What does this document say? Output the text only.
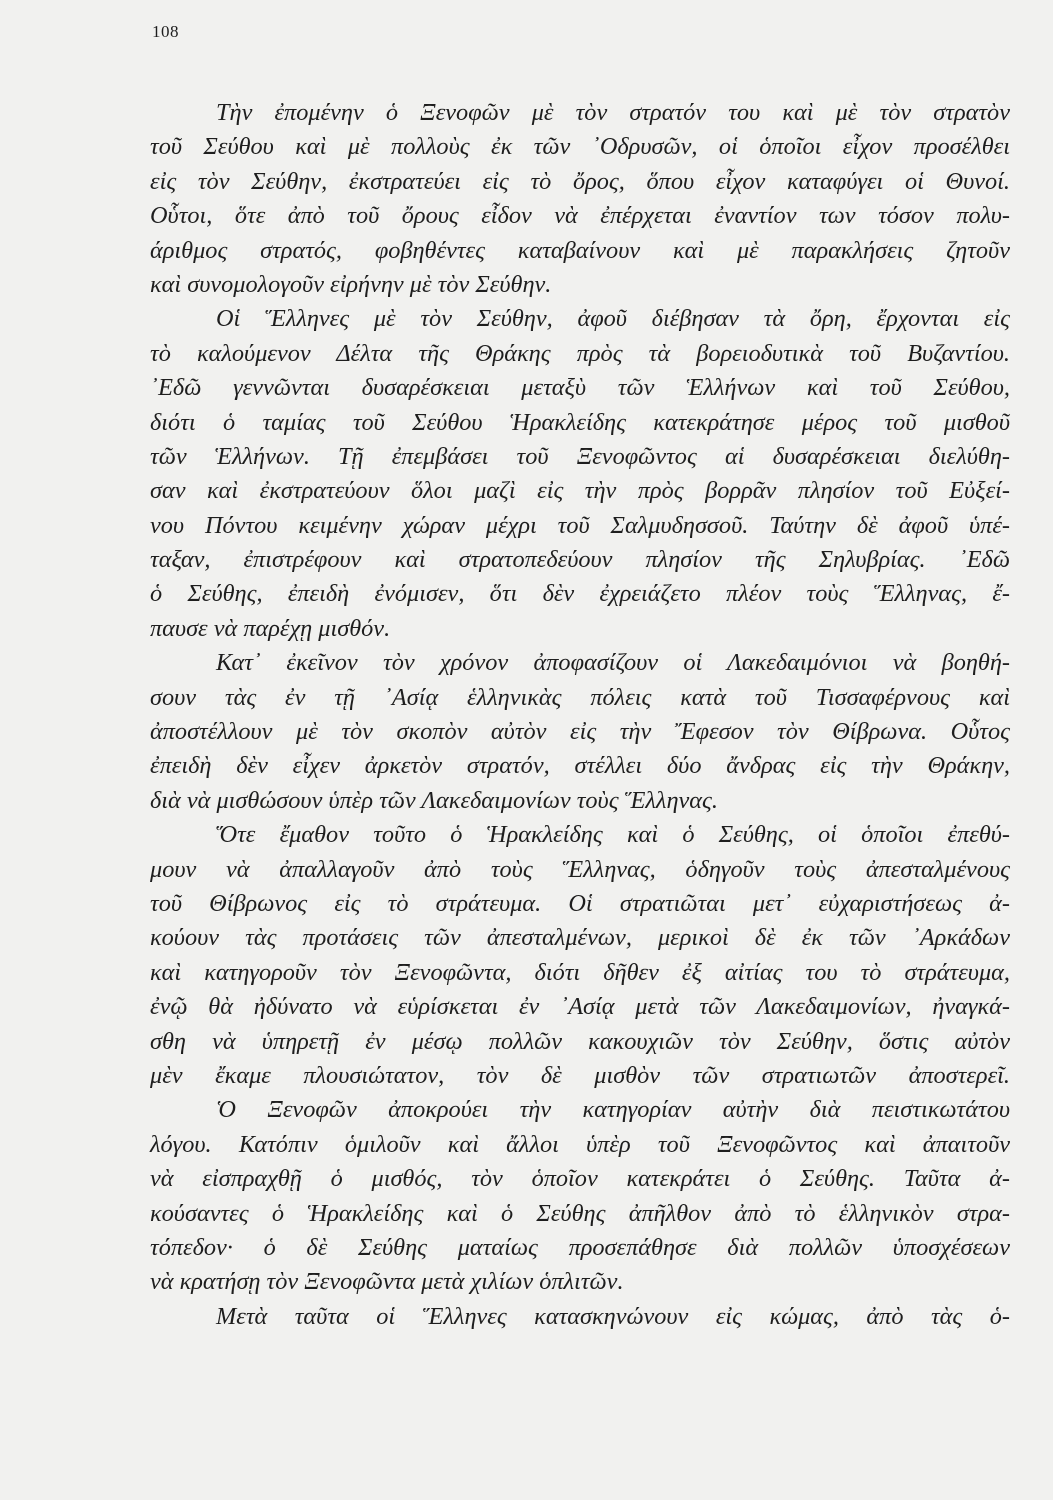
108
Τὴν ἐπομένην ὁ Ξενοφῶν μὲ τὸν στρατόν του καὶ μὲ τὸν στρατὸν
τοῦ Σεύθου καὶ μὲ πολλοὺς ἐκ τῶν ᾿Οδρυσῶν, οἱ ὁποῖοι εἶχον προσέλθει
εἰς τὸν Σεύθην, ἐκστρατεύει εἰς τὸ ὄρος, ὅπου εἶχον καταφύγει οἱ Θυνοί.
Οὗτοι, ὅτε ἀπὸ τοῦ ὄρους εἶδον νὰ ἐπέρχεται ἐναντίον των τόσον πολυ-
άριθμος στρατός, φοβηθέντες καταβαίνουν καὶ μὲ παρακλήσεις ζητοῦν
καὶ συνομολογοῦν εἰρήνην μὲ τὸν Σεύθην.
Οἱ Ἕλληνες μὲ τὸν Σεύθην, ἀφοῦ διέβησαν τὰ ὄρη, ἔρχονται εἰς
τὸ καλούμενον Δέλτα τῆς Θράκης πρὸς τὰ βορειοδυτικὰ τοῦ Βυζαντίου.
᾿Εδῶ γεννῶνται δυσαρέσκειαι μεταξὺ τῶν Ἑλλήνων καὶ τοῦ Σεύθου,
διότι ὁ ταμίας τοῦ Σεύθου Ἡρακλείδης κατεκράτησε μέρος τοῦ μισθοῦ
τῶν Ἑλλήνων. Τῇ ἐπεμβάσει τοῦ Ξενοφῶντος αἱ δυσαρέσκειαι διελύθη-
σαν καὶ ἐκστρατεύουν ὅλοι μαζὶ εἰς τὴν πρὸς βορρᾶν πλησίον τοῦ Εὐξεί-
νου Πόντου κειμένην χώραν μέχρι τοῦ Σαλμυδησσοῦ. Ταύτην δὲ ἀφοῦ ὑπέ-
ταξαν, ἐπιστρέφουν καὶ στρατοπεδεύουν πλησίον τῆς Σηλυβρίας. ᾿Εδῶ
ὁ Σεύθης, ἐπειδὴ ἐνόμισεν, ὅτι δὲν ἐχρειάζετο πλέον τοὺς Ἕλληνας, ἔ-
παυσε νὰ παρέχῃ μισθόν.
Κατ᾿ ἐκεῖνον τὸν χρόνον ἀποφασίζουν οἱ Λακεδαιμόνιοι νὰ βοηθή-
σουν τὰς ἐν τῇ ᾿Ασίᾳ ἑλληνικὰς πόλεις κατὰ τοῦ Τισσαφέρνους καὶ
ἀποστέλλουν μὲ τὸν σκοπὸν αὐτὸν εἰς τὴν Ἔφεσον τὸν Θίβρωνα. Οὗτος
ἐπειδὴ δὲν εἶχεν ἀρκετὸν στρατόν, στέλλει δύο ἄνδρας εἰς τὴν Θράκην,
διὰ νὰ μισθώσουν ὑπὲρ τῶν Λακεδαιμονίων τοὺς Ἕλληνας.
Ὅτε ἔμαθον τοῦτο ὁ Ἡρακλείδης καὶ ὁ Σεύθης, οἱ ὁποῖοι ἐπεθύ-
μουν νὰ ἀπαλλαγοῦν ἀπὸ τοὺς Ἕλληνας, ὁδηγοῦν τοὺς ἀπεσταλμένους
τοῦ Θίβρωνος εἰς τὸ στράτευμα. Οἱ στρατιῶται μετ᾿ εὐχαριστήσεως ἀ-
κούουν τὰς προτάσεις τῶν ἀπεσταλμένων, μερικοὶ δὲ ἐκ τῶν ᾿Αρκάδων
καὶ κατηγοροῦν τὸν Ξενοφῶντα, διότι δῆθεν ἐξ αἰτίας του τὸ στράτευμα,
ἐνῷ θὰ ἠδύνατο νὰ εὑρίσκεται ἐν ᾿Ασίᾳ μετὰ τῶν Λακεδαιμονίων, ἠναγκά-
σθη νὰ ὑπηρετῇ ἐν μέσῳ πολλῶν κακουχιῶν τὸν Σεύθην, ὅστις αὐτὸν
μὲν ἔκαμε πλουσιώτατον, τὸν δὲ μισθὸν τῶν στρατιωτῶν ἀποστερεῖ.
Ὁ Ξενοφῶν ἀποκρούει τὴν κατηγορίαν αὐτὴν διὰ πειστικωτάτου
λόγου. Κατόπιν ὁμιλοῦν καὶ ἄλλοι ὑπὲρ τοῦ Ξενοφῶντος καὶ ἀπαιτοῦν
νὰ εἰσπραχθῇ ὁ μισθός, τὸν ὁποῖον κατεκράτει ὁ Σεύθης. Ταῦτα ἀ-
κούσαντες ὁ Ἡρακλείδης καὶ ὁ Σεύθης ἀπῆλθον ἀπὸ τὸ ἑλληνικὸν στρα-
τόπεδον· ὁ δὲ Σεύθης ματαίως προσεπάθησε διὰ πολλῶν ὑποσχέσεων
νὰ κρατήσῃ τὸν Ξενοφῶντα μετὰ χιλίων ὁπλιτῶν.
Μετὰ ταῦτα οἱ Ἕλληνες κατασκηνώνουν εἰς κώμας, ἀπὸ τὰς ὁ-
